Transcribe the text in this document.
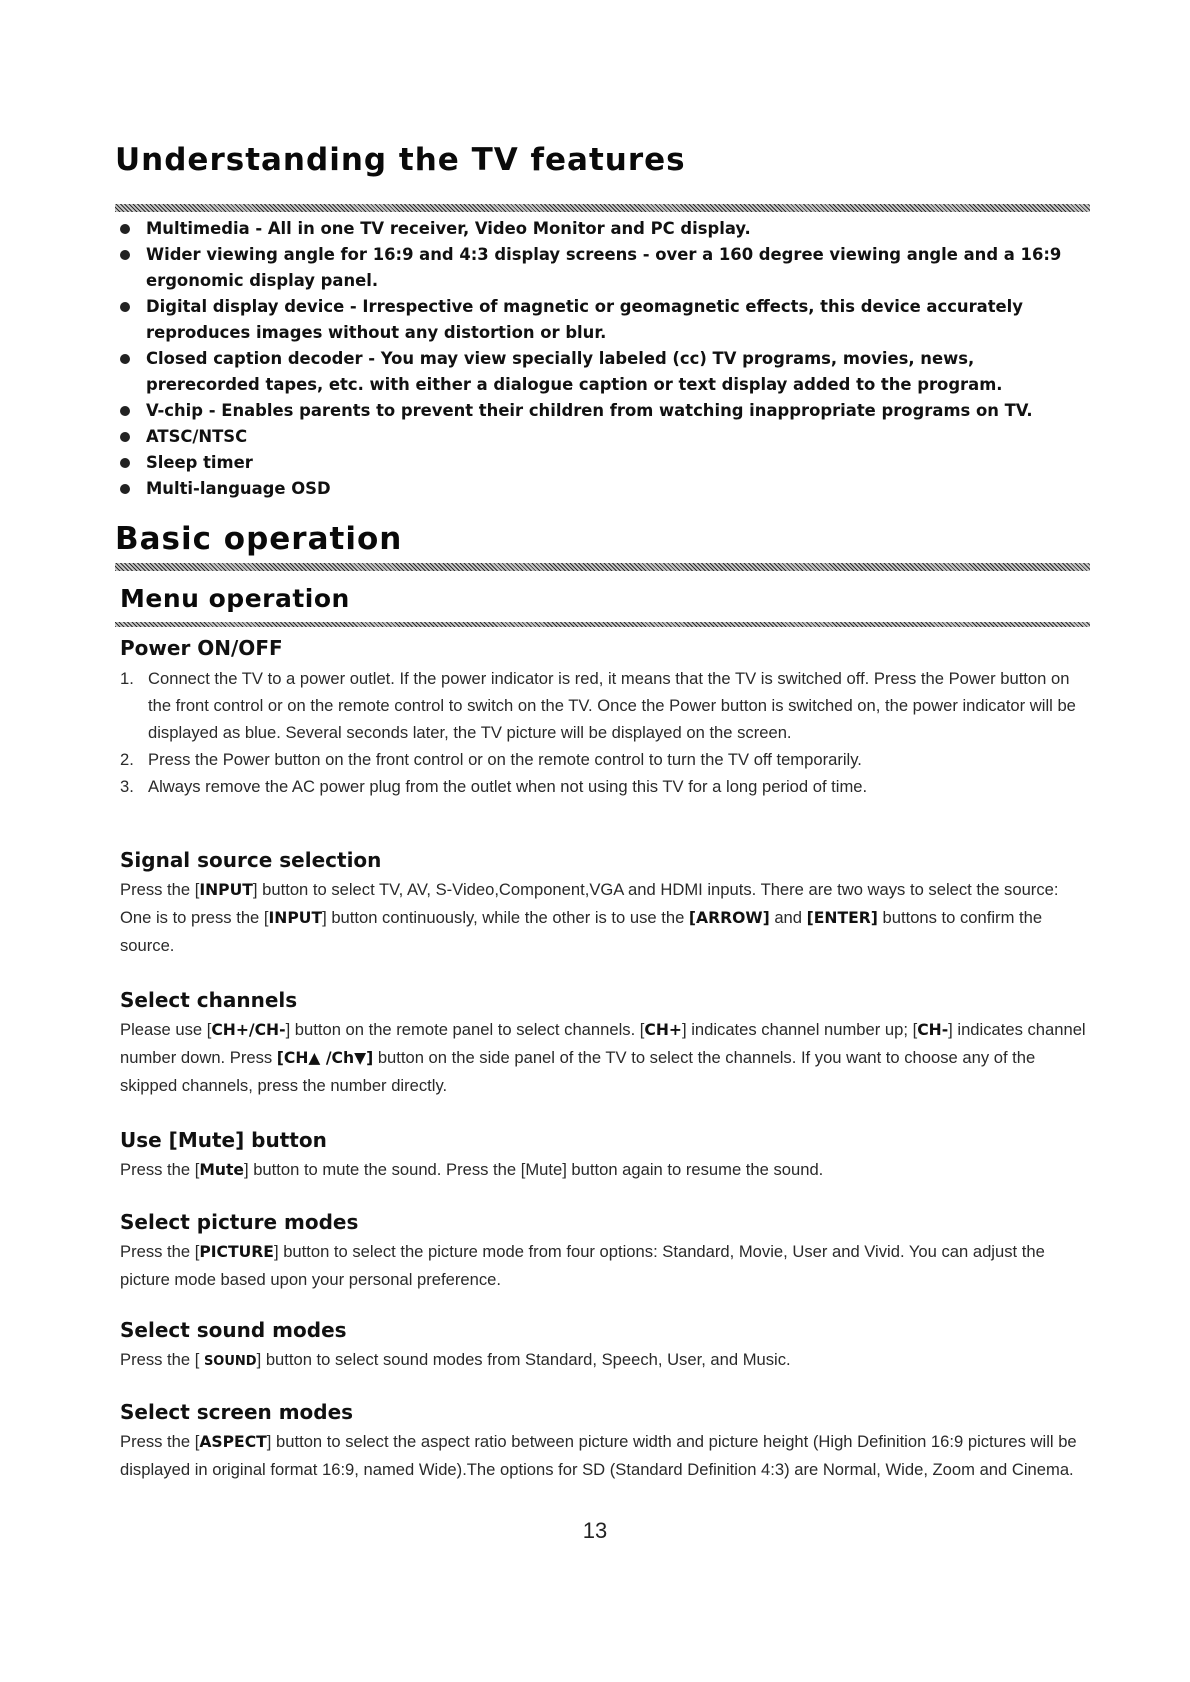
Understanding the TV features
Multimedia - All in one TV receiver, Video Monitor and PC display.
Wider viewing angle for 16:9 and 4:3 display screens - over a 160 degree viewing angle and a 16:9 ergonomic display panel.
Digital display device - Irrespective of magnetic or geomagnetic effects, this device accurately reproduces images without any distortion or blur.
Closed caption decoder - You may view specially labeled (cc) TV programs, movies, news, prerecorded tapes, etc. with either a dialogue caption or text display added to the program.
V-chip - Enables parents to prevent their children from watching inappropriate programs on TV.
ATSC/NTSC
Sleep timer
Multi-language OSD
Basic operation
Menu operation
Power ON/OFF
1. Connect the TV to a power outlet. If the power indicator is red, it means that the TV is switched off. Press the Power button on the front control or on the remote control to switch on the TV. Once the Power button is switched on, the power indicator will be displayed as blue. Several seconds later, the TV picture will be displayed on the screen.
2. Press the Power button on the front control or on the remote control to turn the TV off temporarily.
3. Always remove the AC power plug from the outlet when not using this TV for a long period of time.
Signal source selection

Press the [INPUT] button to select TV, AV, S-Video,Component,VGA and HDMI inputs. There are two ways to select the source: One is to press the [INPUT] button continuously, while the other is to use the [ARROW] and [ENTER] buttons to confirm the source.

Select channels

Please use [CH+/CH-] button on the remote panel to select channels. [CH+] indicates channel number up; [CH-] indicates channel number down. Press [CH▲ /Ch▼] button on the side panel of the TV to select the channels. If you want to choose any of the skipped channels, press the number directly.

Use [Mute] button

Press the [Mute] button to mute the sound. Press the [Mute] button again to resume the sound.

Select picture modes

Press the [PICTURE] button to select the picture mode from four options: Standard, Movie, User and Vivid. You can adjust the picture mode based upon your personal preference.

Select sound modes

Press the [ SOUND] button to select sound modes from Standard, Speech, User, and Music.

Select screen modes

Press the [ASPECT] button to select the aspect ratio between picture width and picture height (High Definition 16:9 pictures will be displayed in original format 16:9, named Wide).The options for SD (Standard Definition 4:3) are Normal, Wide, Zoom and Cinema.

13
